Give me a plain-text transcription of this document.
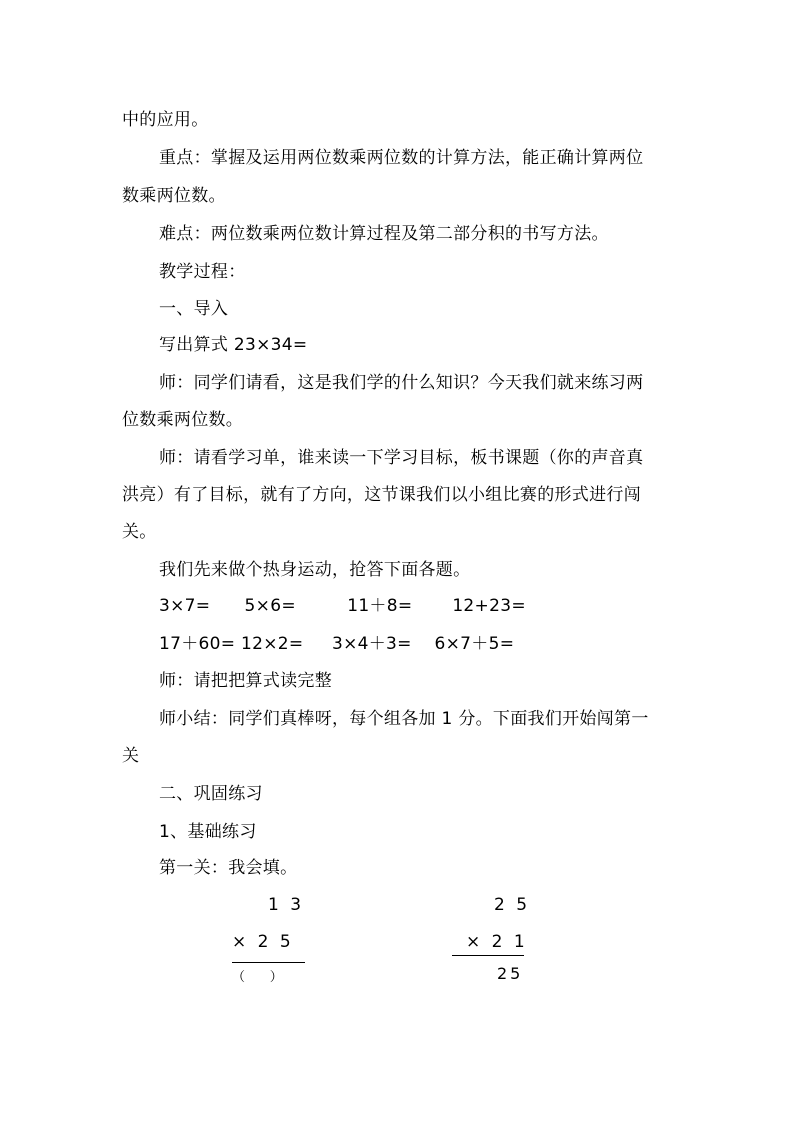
中的应用。
重点：掌握及运用两位数乘两位数的计算方法，能正确计算两位
数乘两位数。
难点：两位数乘两位数计算过程及第二部分积的书写方法。
教学过程：
一、导入
写出算式 23×34=
师：同学们请看，这是我们学的什么知识？今天我们就来练习两
位数乘两位数。
师：请看学习单，谁来读一下学习目标，板书课题（你的声音真
洪亮）有了目标，就有了方向，这节课我们以小组比赛的形式进行闯
关。
我们先来做个热身运动，抢答下面各题。
3×7=      5×6=         11＋8=       12+23=
17＋60= 12×2=     3×4＋3=    6×7＋5=
师：请把把算式读完整
师小结：同学们真棒呀，每个组各加 1 分。下面我们开始闯第一
关
二、巩固练习
1、基础练习
第一关：我会填。
1 3
× 2 5
（      ）
2 5
× 2 1
25
